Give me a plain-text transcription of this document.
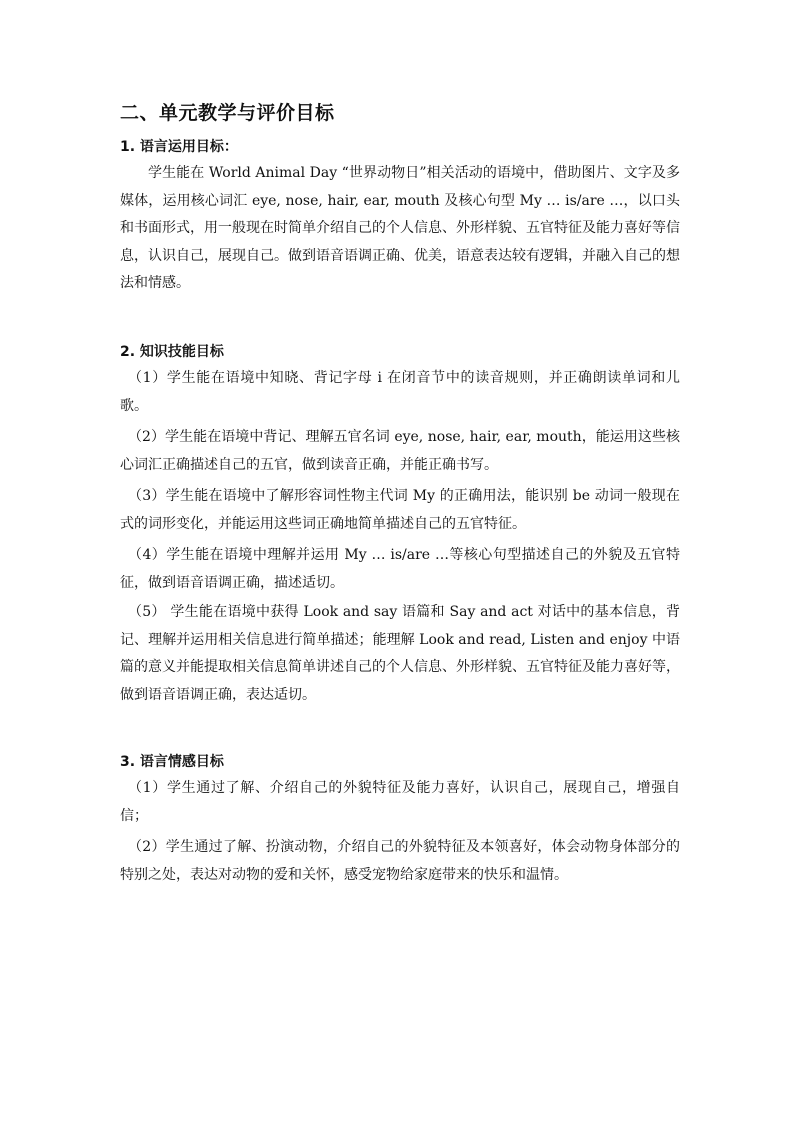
二、单元教学与评价目标
1. 语言运用目标：
学生能在 World Animal Day “世界动物日”相关活动的语境中，借助图片、文字及多媒体，运用核心词汇 eye, nose, hair, ear, mouth 及核心句型 My … is/are …，以口头和书面形式，用一般现在时简单介绍自己的个人信息、外形样貌、五官特征及能力喜好等信息，认识自己，展现自己。做到语音语调正确、优美，语意表达较有逻辑，并融入自己的想法和情感。
2. 知识技能目标
（1）学生能在语境中知晓、背记字母 i 在闭音节中的读音规则，并正确朗读单词和儿歌。
（2）学生能在语境中背记、理解五官名词 eye, nose, hair, ear, mouth，能运用这些核心词汇正确描述自己的五官，做到读音正确，并能正确书写。
（3）学生能在语境中了解形容词性物主代词 My 的正确用法，能识别 be 动词一般现在式的词形变化，并能运用这些词正确地简单描述自己的五官特征。
（4）学生能在语境中理解并运用 My … is/are …等核心句型描述自己的外貌及五官特征，做到语音语调正确，描述适切。
（5） 学生能在语境中获得 Look and say 语篇和 Say and act 对话中的基本信息，背记、理解并运用相关信息进行简单描述；能理解 Look and read, Listen and enjoy 中语篇的意义并能提取相关信息简单讲述自己的个人信息、外形样貌、五官特征及能力喜好等，做到语音语调正确，表达适切。
3. 语言情感目标
（1）学生通过了解、介绍自己的外貌特征及能力喜好，认识自己，展现自己，增强自信；
（2）学生通过了解、扮演动物，介绍自己的外貌特征及本领喜好，体会动物身体部分的特别之处，表达对动物的爱和关怀，感受宠物给家庭带来的快乐和温情。
